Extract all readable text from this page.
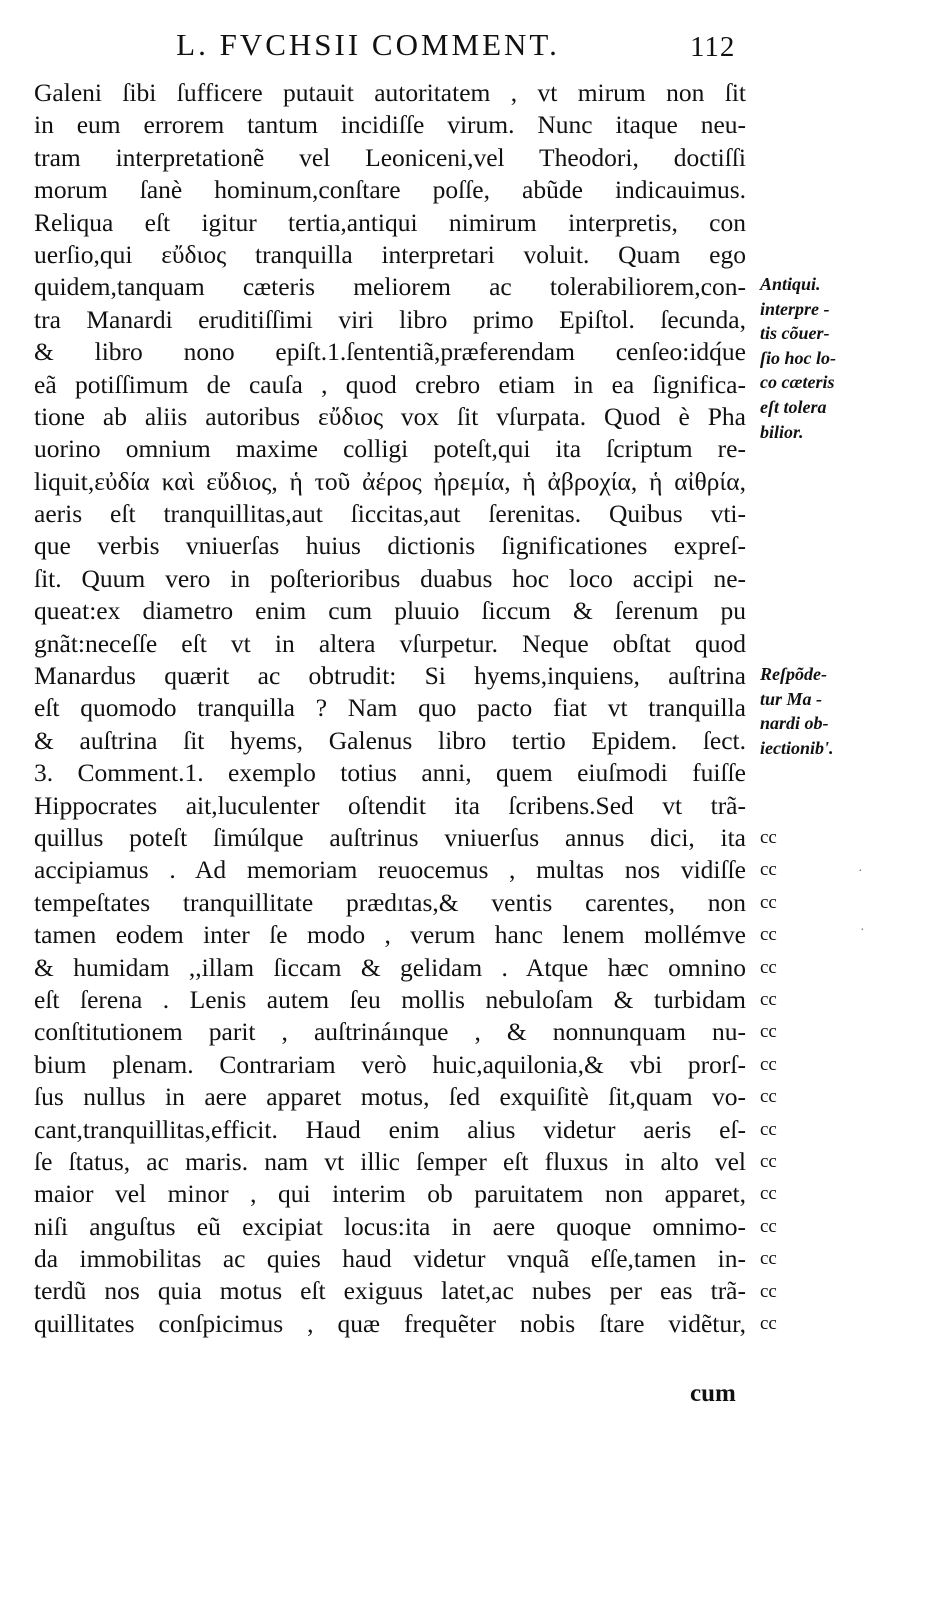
L. FVCHSII COMMENT.	112
Galeni ſibi ſufficere putauit autoritatem , vt mirum non ſit
in eum errorem tantum incidiſſe virum. Nunc itaque neu-
tram interpretationẽ vel Leoniceni,vel Theodori, doctiſſi
morum ſanè hominum,conſtare poſſe, abũde indicauimus.
Reliqua eſt igitur tertia,antiqui nimirum interpretis, con
uerſio,qui εὔδιος tranquilla interpretari voluit. Quam ego
quidem,tanquam cæteris meliorem ac tolerabiliorem,con-
tra Manardi eruditiſſimi viri libro primo Epiſtol. ſecunda,
& libro nono epiſt.1.ſententiã,præferendam cenſeo:idq́ue
eã potiſſimum de cauſa , quod crebro etiam in ea ſignifica-
tione ab aliis autoribus εὔδιος vox ſit vſurpata. Quod è Pha
uorino omnium maxime colligi poteſt,qui ita ſcriptum re-
liquit,εὐδία καὶ εὔδιος, ἡ τοῦ ἀέρος ἠρεμία, ἡ ἀβροχία, ἡ αἰθρία,
aeris eſt tranquillitas,aut ſiccitas,aut ſerenitas. Quibus vti-
que verbis vniuerſas huius dictionis ſignificationes expreſ-
ſit. Quum vero in poſterioribus duabus hoc loco accipi ne-
queat:ex diametro enim cum pluuio ſiccum & ſerenum pu
gnãt:neceſſe eſt vt in altera vſurpetur. Neque obſtat quod
Manardus quærit ac obtrudit: Si hyems,inquiens, auſtrina
eſt quomodo tranquilla ? Nam quo pacto fiat vt tranquilla
& auſtrina ſit hyems, Galenus libro tertio Epidem. ſect.
3. Comment.1. exemplo totius anni, quem eiuſmodi fuiſſe
Hippocrates ait,luculenter oſtendit ita ſcribens.Sed vt trã-
quillus poteſt ſimúlque auſtrinus vniuerſus annus dici, ita
accipiamus . Ad memoriam reuocemus , multas nos vidiſſe
tempeſtates tranquillitate prædıtas,& ventis carentes, non
tamen eodem inter ſe modo , verum hanc lenem mollémve
& humidam ,,illam ſiccam & gelidam . Atque hæc omnino
eſt ſerena . Lenis autem ſeu mollis nebuloſam & turbidam
conſtitutionem parit , auſtrináınque , & nonnunquam nu-
bium plenam. Contrariam verò huic,aquilonia,& vbi prorſ-
ſus nullus in aere apparet motus, ſed exquiſitè ſit,quam vo-
cant,tranquillitas,efficit. Haud enim alius videtur aeris eſ-
ſe ſtatus, ac maris. nam vt illic ſemper eſt fluxus in alto vel
maior vel minor , qui interim ob paruitatem non apparet,
niſi anguſtus eũ excipiat locus:ita in aere quoque omnimo-
da immobilitas ac quies haud videtur vnquã eſſe,tamen in-
terdũ nos quia motus eſt exiguus latet,ac nubes per eas trã-
quillitates conſpicimus , quæ frequẽter nobis ſtare vidẽtur,
cum
Antiqui.
interpre -
tis cõuer-
ſio hoc lo-
co cæteris
eſt tolera
bilior.
Reſpõde-
tur Ma -
nardi ob-
iectionib'.
cc
cc
cc
cc
cc
cc
cc
cc
cc
cc
cc
cc
cc
cc
cc
cc
·
·
